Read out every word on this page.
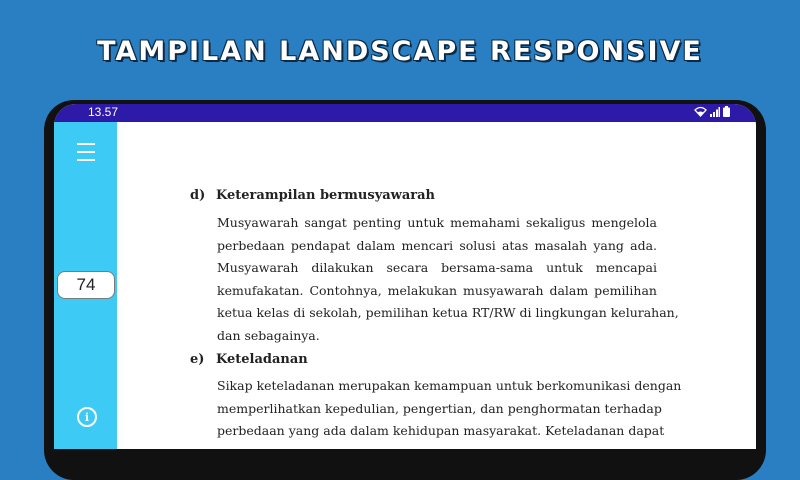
TAMPILAN LANDSCAPE RESPONSIVE
13.57
74
i
d) Keterampilan bermusyawarah
Musyawarah sangat penting untuk memahami sekaligus mengelola
perbedaan pendapat dalam mencari solusi atas masalah yang ada.
Musyawarah dilakukan secara bersama-sama untuk mencapai
kemufakatan. Contohnya, melakukan musyawarah dalam pemilihan
ketua kelas di sekolah, pemilihan ketua RT/RW di lingkungan kelurahan,
dan sebagainya.
e) Keteladanan
Sikap keteladanan merupakan kemampuan untuk berkomunikasi dengan
memperlihatkan kepedulian, pengertian, dan penghormatan terhadap
perbedaan yang ada dalam kehidupan masyarakat. Keteladanan dapat
